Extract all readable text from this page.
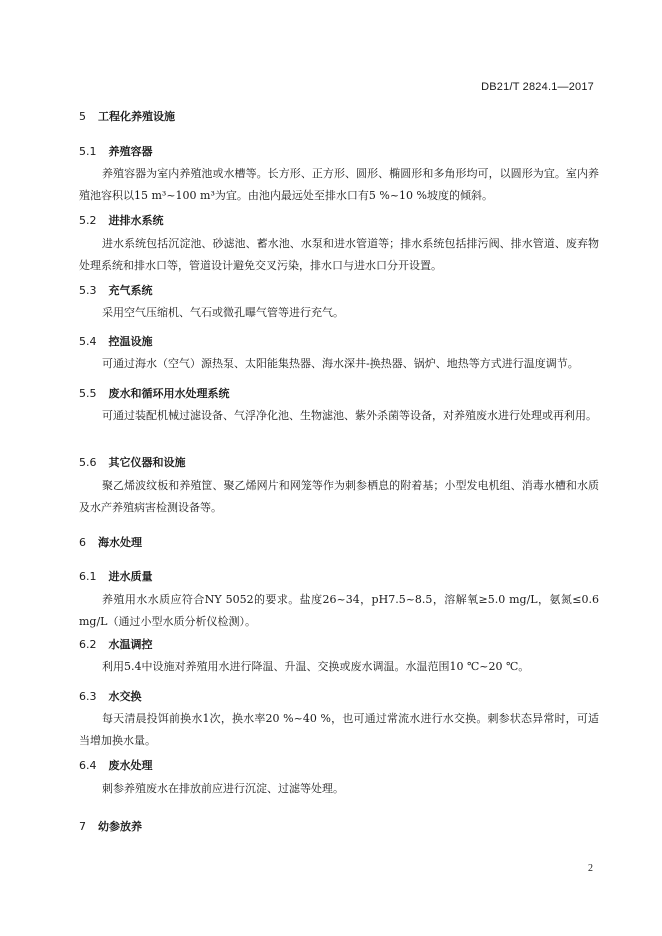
DB21/T 2824.1—2017
5 工程化养殖设施
5.1 养殖容器

养殖容器为室内养殖池或水槽等。长方形、正方形、圆形、椭圆形和多角形均可，以圆形为宜。室内养殖池容积以15 m³~100 m³为宜。由池内最远处至排水口有5 %~10 %坡度的倾斜。

5.2 进排水系统

进水系统包括沉淀池、砂滤池、蓄水池、水泵和进水管道等；排水系统包括排污阀、排水管道、废弃物处理系统和排水口等，管道设计避免交叉污染，排水口与进水口分开设置。

5.3 充气系统

采用空气压缩机、气石或微孔曝气管等进行充气。

5.4 控温设施

可通过海水（空气）源热泵、太阳能集热器、海水深井-换热器、锅炉、地热等方式进行温度调节。

5.5 废水和循环用水处理系统

可通过装配机械过滤设备、气浮净化池、生物滤池、紫外杀菌等设备，对养殖废水进行处理或再利用。

5.6 其它仪器和设施

聚乙烯波纹板和养殖筐、聚乙烯网片和网笼等作为刺参栖息的附着基；小型发电机组、消毒水槽和水质及水产养殖病害检测设备等。

6 海水处理
6.1 进水质量

养殖用水水质应符合NY 5052的要求。盐度26~34，pH7.5~8.5，溶解氧≥5.0 mg/L，氨氮≤0.6 mg/L（通过小型水质分析仪检测）。

6.2 水温调控

利用5.4中设施对养殖用水进行降温、升温、交换或废水调温。水温范围10 ℃~20 ℃。

6.3 水交换

每天清晨投饵前换水1次，换水率20 %~40 %，也可通过常流水进行水交换。刺参状态异常时，可适当增加换水量。

6.4 废水处理

刺参养殖废水在排放前应进行沉淀、过滤等处理。

7 幼参放养
2
